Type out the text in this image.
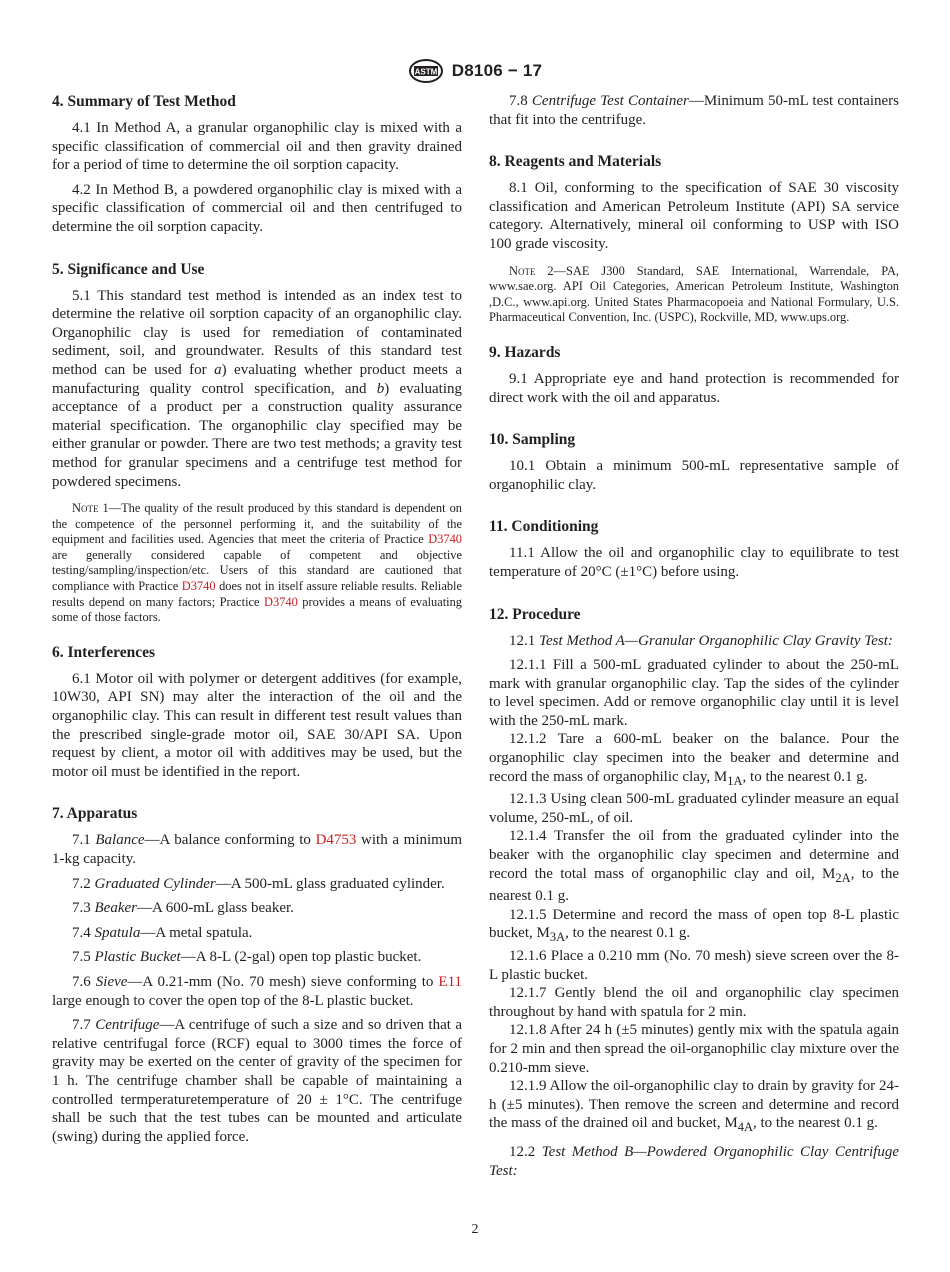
ASTM D8106 − 17
4. Summary of Test Method

4.1 In Method A, a granular organophilic clay is mixed with a specific classification of commercial oil and then gravity drained for a period of time to determine the oil sorption capacity.

4.2 In Method B, a powdered organophilic clay is mixed with a specific classification of commercial oil and then centrifuged to determine the oil sorption capacity.

5. Significance and Use

5.1 This standard test method is intended as an index test to determine the relative oil sorption capacity of an organophilic clay. Organophilic clay is used for remediation of contaminated sediment, soil, and groundwater. Results of this standard test method can be used for a) evaluating whether product meets a manufacturing quality control specification, and b) evaluating acceptance of a product per a construction quality assurance material specification. The organophilic clay specified may be either granular or powder. There are two test methods; a gravity test method for granular specimens and a centrifuge test method for powdered specimens.

Note 1—The quality of the result produced by this standard is dependent on the competence of the personnel performing it, and the suitability of the equipment and facilities used. Agencies that meet the criteria of Practice D3740 are generally considered capable of competent and objective testing/sampling/inspection/etc. Users of this standard are cautioned that compliance with Practice D3740 does not in itself assure reliable results. Reliable results depend on many factors; Practice D3740 provides a means of evaluating some of those factors.

6. Interferences

6.1 Motor oil with polymer or detergent additives (for example, 10W30, API SN) may alter the interaction of the oil and the organophilic clay. This can result in different test result values than the prescribed single-grade motor oil, SAE 30/API SA. Upon request by client, a motor oil with additives may be used, but the motor oil must be identified in the report.

7. Apparatus

7.1 Balance—A balance conforming to D4753 with a minimum 1-kg capacity.

7.2 Graduated Cylinder—A 500-mL glass graduated cylinder.

7.3 Beaker—A 600-mL glass beaker.

7.4 Spatula—A metal spatula.

7.5 Plastic Bucket—A 8-L (2-gal) open top plastic bucket.

7.6 Sieve—A 0.21-mm (No. 70 mesh) sieve conforming to E11 large enough to cover the open top of the 8-L plastic bucket.

7.7 Centrifuge—A centrifuge of such a size and so driven that a relative centrifugal force (RCF) equal to 3000 times the force of gravity may be exerted on the center of gravity of the specimen for 1 h. The centrifuge chamber shall be capable of maintaining a controlled termperaturetemperature of 20 ± 1°C. The centrifuge shall be such that the test tubes can be mounted and articulate (swing) during the applied force.

7.8 Centrifuge Test Container—Minimum 50-mL test containers that fit into the centrifuge.

8. Reagents and Materials

8.1 Oil, conforming to the specification of SAE 30 viscosity classification and American Petroleum Institute (API) SA service category. Alternatively, mineral oil conforming to USP with ISO 100 grade viscosity.

Note 2—SAE J300 Standard, SAE International, Warrendale, PA, www.sae.org. API Oil Categories, American Petroleum Institute, Washington ,D.C., www.api.org. United States Pharmacopoeia and National Formulary, U.S. Pharmaceutical Convention, Inc. (USPC), Rockville, MD, www.ups.org.

9. Hazards

9.1 Appropriate eye and hand protection is recommended for direct work with the oil and apparatus.

10. Sampling

10.1 Obtain a minimum 500-mL representative sample of organophilic clay.

11. Conditioning

11.1 Allow the oil and organophilic clay to equilibrate to test temperature of 20°C (±1°C) before using.

12. Procedure

12.1 Test Method A—Granular Organophilic Clay Gravity Test:

12.1.1 Fill a 500-mL graduated cylinder to about the 250-mL mark with granular organophilic clay. Tap the sides of the cylinder to level specimen. Add or remove organophilic clay until it is level with the 250-mL mark.

12.1.2 Tare a 600-mL beaker on the balance. Pour the organophilic clay specimen into the beaker and determine and record the mass of organophilic clay, $M_{1A}$, to the nearest 0.1 g.

12.1.3 Using clean 500-mL graduated cylinder measure an equal volume, 250-mL, of oil.

12.1.4 Transfer the oil from the graduated cylinder into the beaker with the organophilic clay specimen and determine and record the total mass of organophilic clay and oil, $M_{2A}$, to the nearest 0.1 g.

12.1.5 Determine and record the mass of open top 8-L plastic bucket, $M_{3A}$, to the nearest 0.1 g.

12.1.6 Place a 0.210 mm (No. 70 mesh) sieve screen over the 8-L plastic bucket.

12.1.7 Gently blend the oil and organophilic clay specimen throughout by hand with spatula for 2 min.

12.1.8 After 24 h (±5 minutes) gently mix with the spatula again for 2 min and then spread the oil-organophilic clay mixture over the 0.210-mm sieve.

12.1.9 Allow the oil-organophilic clay to drain by gravity for 24-h (±5 minutes). Then remove the screen and determine and record the mass of the drained oil and bucket, $M_{4A}$, to the nearest 0.1 g.

12.2 Test Method B—Powdered Organophilic Clay Centrifuge Test:

2
